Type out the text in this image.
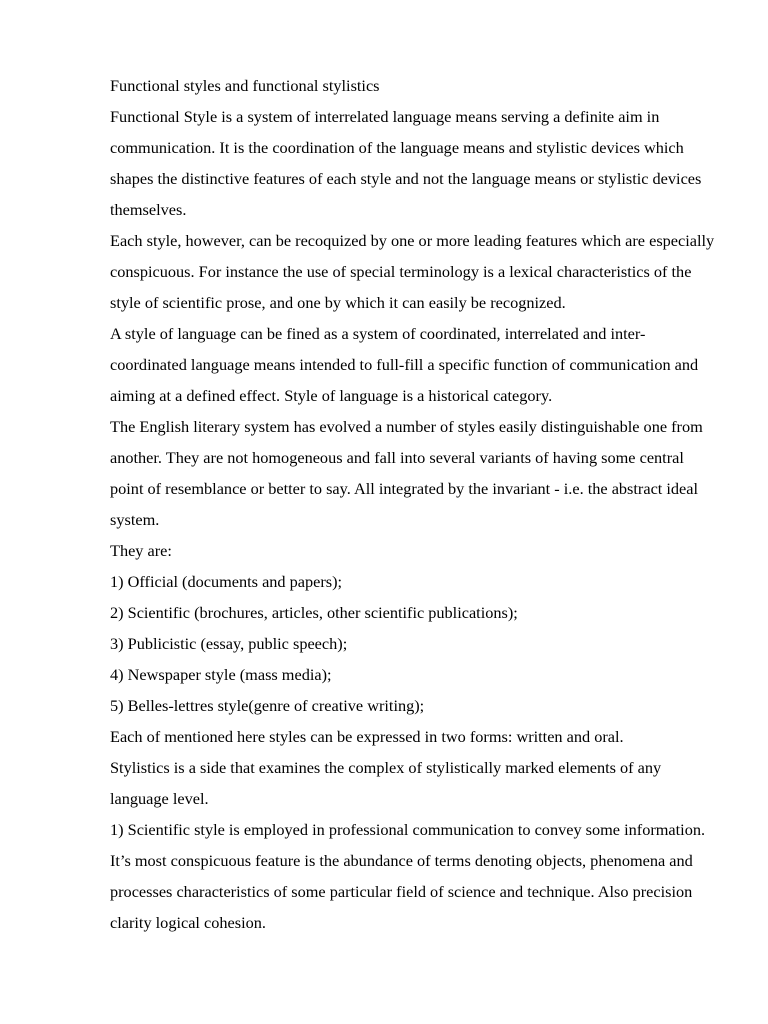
Functional styles and functional stylistics

Functional Style is a system of interrelated language means serving a definite aim in communication. It is the coordination of the language means and stylistic devices which shapes the distinctive features of each style and not the language means or stylistic devices themselves.

Each style, however, can be recoquized by one or more leading features which are especially conspicuous. For instance the use of special terminology is a lexical characteristics of the style of scientific prose, and one by which it can easily be recognized.

A style of language can be fined as a system of coordinated, interrelated and inter-coordinated language means intended to full-fill a specific function of communication and aiming at a defined effect. Style of language is a historical category.

The English literary system has evolved a number of styles easily distinguishable one from another. They are not homogeneous and fall into several variants of having some central point of resemblance or better to say. All integrated by the invariant - i.e. the abstract ideal system.

They are:

1) Official (documents and papers);

2) Scientific (brochures, articles, other scientific publications);

3) Publicistic (essay, public speech);

4) Newspaper style (mass media);

5) Belles-lettres style(genre of creative writing);

Each of mentioned here styles can be expressed in two forms: written and oral.

Stylistics is a side that examines the complex of stylistically marked elements of any language level.

1) Scientific style is employed in professional communication to convey some information. It’s most conspicuous feature is the abundance of terms denoting objects, phenomena and processes characteristics of some particular field of science and technique. Also precision clarity logical cohesion.
